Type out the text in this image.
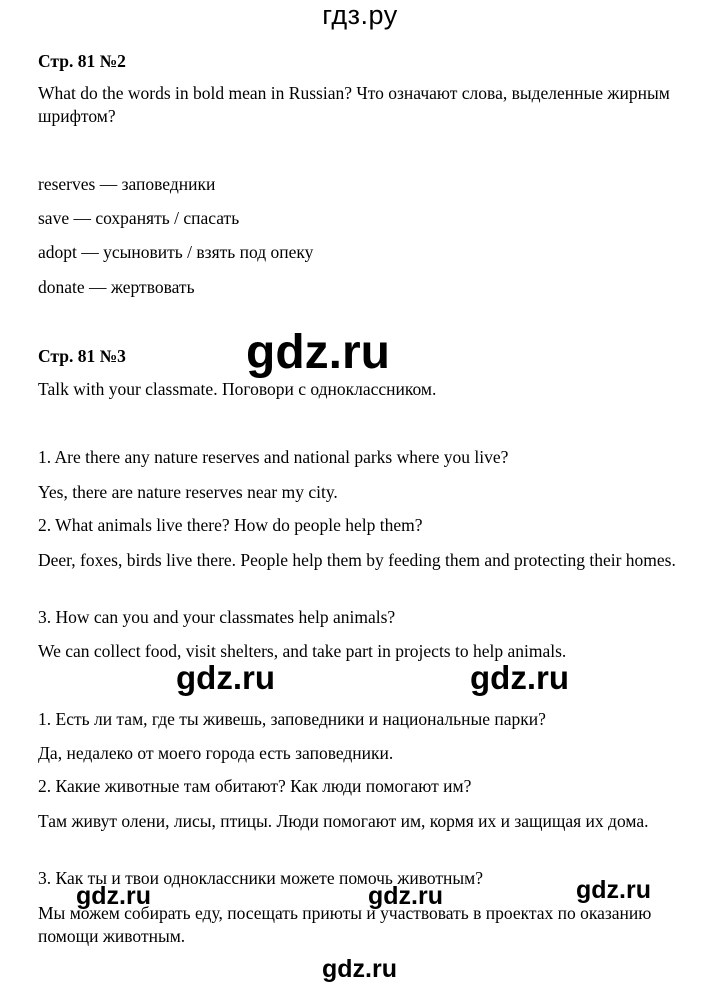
гдз.ру
Стр. 81 №2
What do the words in bold mean in Russian? Что означают слова, выделенные жирным шрифтом?
reserves — заповедники
save — сохранять / спасать
adopt — усыновить / взять под опеку
donate — жертвовать
Стр. 81 №3
Talk with your classmate. Поговори с одноклассником.
1. Are there any nature reserves and national parks where you live?
Yes, there are nature reserves near my city.
2. What animals live there? How do people help them?
Deer, foxes, birds live there. People help them by feeding them and protecting their homes.
3. How can you and your classmates help animals?
We can collect food, visit shelters, and take part in projects to help animals.
1. Есть ли там, где ты живешь, заповедники и национальные парки?
Да, недалеко от моего города есть заповедники.
2. Какие животные там обитают? Как люди помогают им?
Там живут олени, лисы, птицы. Люди помогают им, кормя их и защищая их дома.
3. Как ты и твои одноклассники можете помочь животным?
Мы можем собирать еду, посещать приюты и участвовать в проектах по оказанию помощи животным.
gdz.ru
gdz.ru	gdz.ru
gdz.ru	gdz.ru	gdz.ru
gdz.ru
